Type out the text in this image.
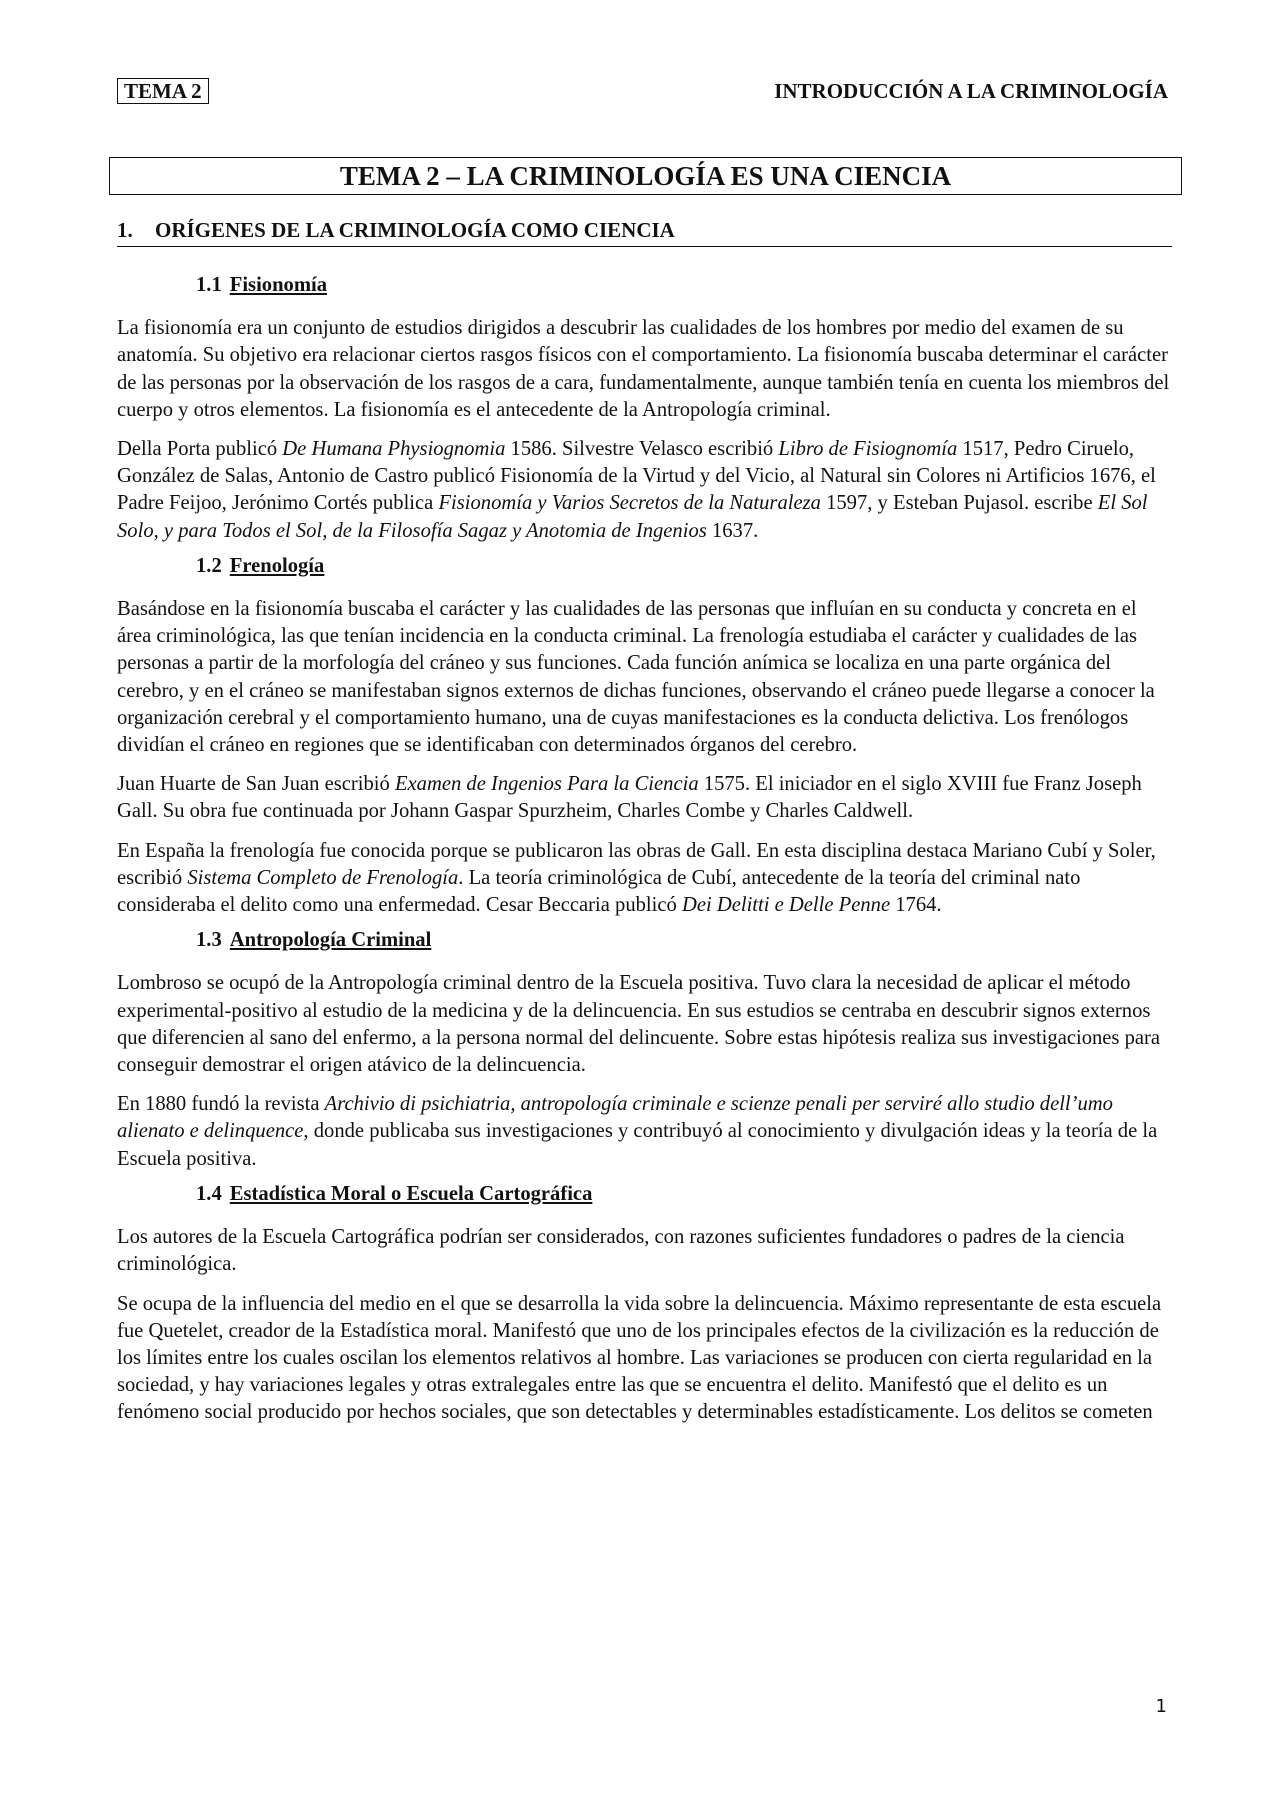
TEMA 2	INTRODUCCIÓN A LA CRIMINOLOGÍA
TEMA 2 – LA CRIMINOLOGÍA ES UNA CIENCIA
1. ORÍGENES DE LA CRIMINOLOGÍA COMO CIENCIA
1.1 Fisionomía

La fisionomía era un conjunto de estudios dirigidos a descubrir las cualidades de los hombres por medio del examen de su anatomía. Su objetivo era relacionar ciertos rasgos físicos con el comportamiento. La fisionomía buscaba determinar el carácter de las personas por la observación de los rasgos de a cara, fundamentalmente, aunque también tenía en cuenta los miembros del cuerpo y otros elementos. La fisionomía es el antecedente de la Antropología criminal.

Della Porta publicó De Humana Physiognomia 1586. Silvestre Velasco escribió Libro de Fisiognomía 1517, Pedro Ciruelo, González de Salas, Antonio de Castro publicó Fisionomía de la Virtud y del Vicio, al Natural sin Colores ni Artificios 1676, el Padre Feijoo, Jerónimo Cortés publica Fisionomía y Varios Secretos de la Naturaleza 1597, y Esteban Pujasol. escribe El Sol Solo, y para Todos el Sol, de la Filosofía Sagaz y Anotomia de Ingenios 1637.

1.2 Frenología

Basándose en la fisionomía buscaba el carácter y las cualidades de las personas que influían en su conducta y concreta en el área criminológica, las que tenían incidencia en la conducta criminal. La frenología estudiaba el carácter y cualidades de las personas a partir de la morfología del cráneo y sus funciones. Cada función anímica se localiza en una parte orgánica del cerebro, y en el cráneo se manifestaban signos externos de dichas funciones, observando el cráneo puede llegarse a conocer la organización cerebral y el comportamiento humano, una de cuyas manifestaciones es la conducta delictiva. Los frenólogos dividían el cráneo en regiones que se identificaban con determinados órganos del cerebro.

Juan Huarte de San Juan escribió Examen de Ingenios Para la Ciencia 1575. El iniciador en el siglo XVIII fue Franz Joseph Gall. Su obra fue continuada por Johann Gaspar Spurzheim, Charles Combe y Charles Caldwell.

En España la frenología fue conocida porque se publicaron las obras de Gall. En esta disciplina destaca Mariano Cubí y Soler, escribió Sistema Completo de Frenología. La teoría criminológica de Cubí, antecedente de la teoría del criminal nato consideraba el delito como una enfermedad. Cesar Beccaria publicó Dei Delitti e Delle Penne 1764.

1.3 Antropología Criminal

Lombroso se ocupó de la Antropología criminal dentro de la Escuela positiva. Tuvo clara la necesidad de aplicar el método experimental-positivo al estudio de la medicina y de la delincuencia. En sus estudios se centraba en descubrir signos externos que diferencien al sano del enfermo, a la persona normal del delincuente. Sobre estas hipótesis realiza sus investigaciones para conseguir demostrar el origen atávico de la delincuencia.

En 1880 fundó la revista Archivio di psichiatria, antropología criminale e scienze penali per serviré allo studio dell’umo alienato e delinquence, donde publicaba sus investigaciones y contribuyó al conocimiento y divulgación ideas y la teoría de la Escuela positiva.

1.4 Estadística Moral o Escuela Cartográfica

Los autores de la Escuela Cartográfica podrían ser considerados, con razones suficientes fundadores o padres de la ciencia criminológica.

Se ocupa de la influencia del medio en el que se desarrolla la vida sobre la delincuencia. Máximo representante de esta escuela fue Quetelet, creador de la Estadística moral. Manifestó que uno de los principales efectos de la civilización es la reducción de los límites entre los cuales oscilan los elementos relativos al hombre. Las variaciones se producen con cierta regularidad en la sociedad, y hay variaciones legales y otras extralegales entre las que se encuentra el delito. Manifestó que el delito es un fenómeno social producido por hechos sociales, que son detectables y determinables estadísticamente. Los delitos se cometen

1
